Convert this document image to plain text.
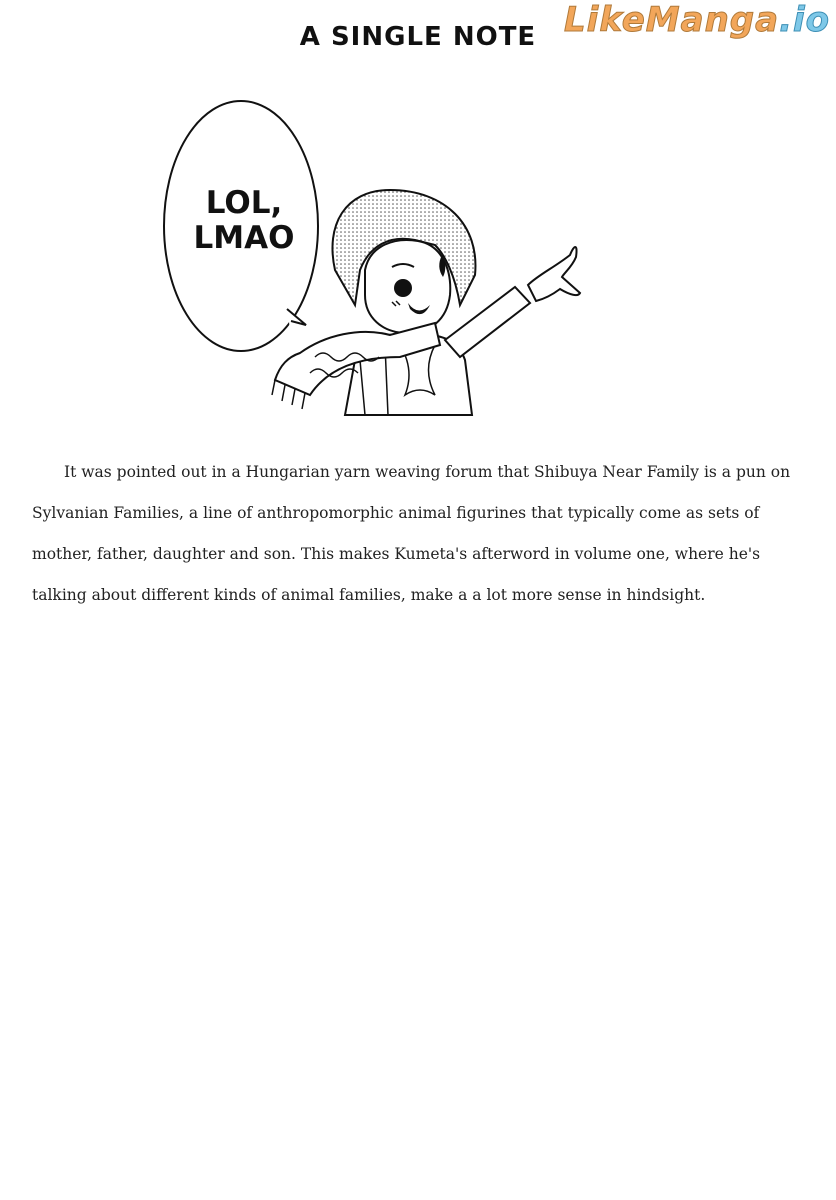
A SINGLE NOTE LikeManga.io
LOL, LMAO

It was pointed out in a Hungarian yarn weaving forum that Shibuya Near Family is a pun on Sylvanian Families, a line of anthropomorphic animal figurines that typically come as sets of mother, father, daughter and son. This makes Kumeta's afterword in volume one, where he's talking about different kinds of animal families, make a a lot more sense in hindsight.
